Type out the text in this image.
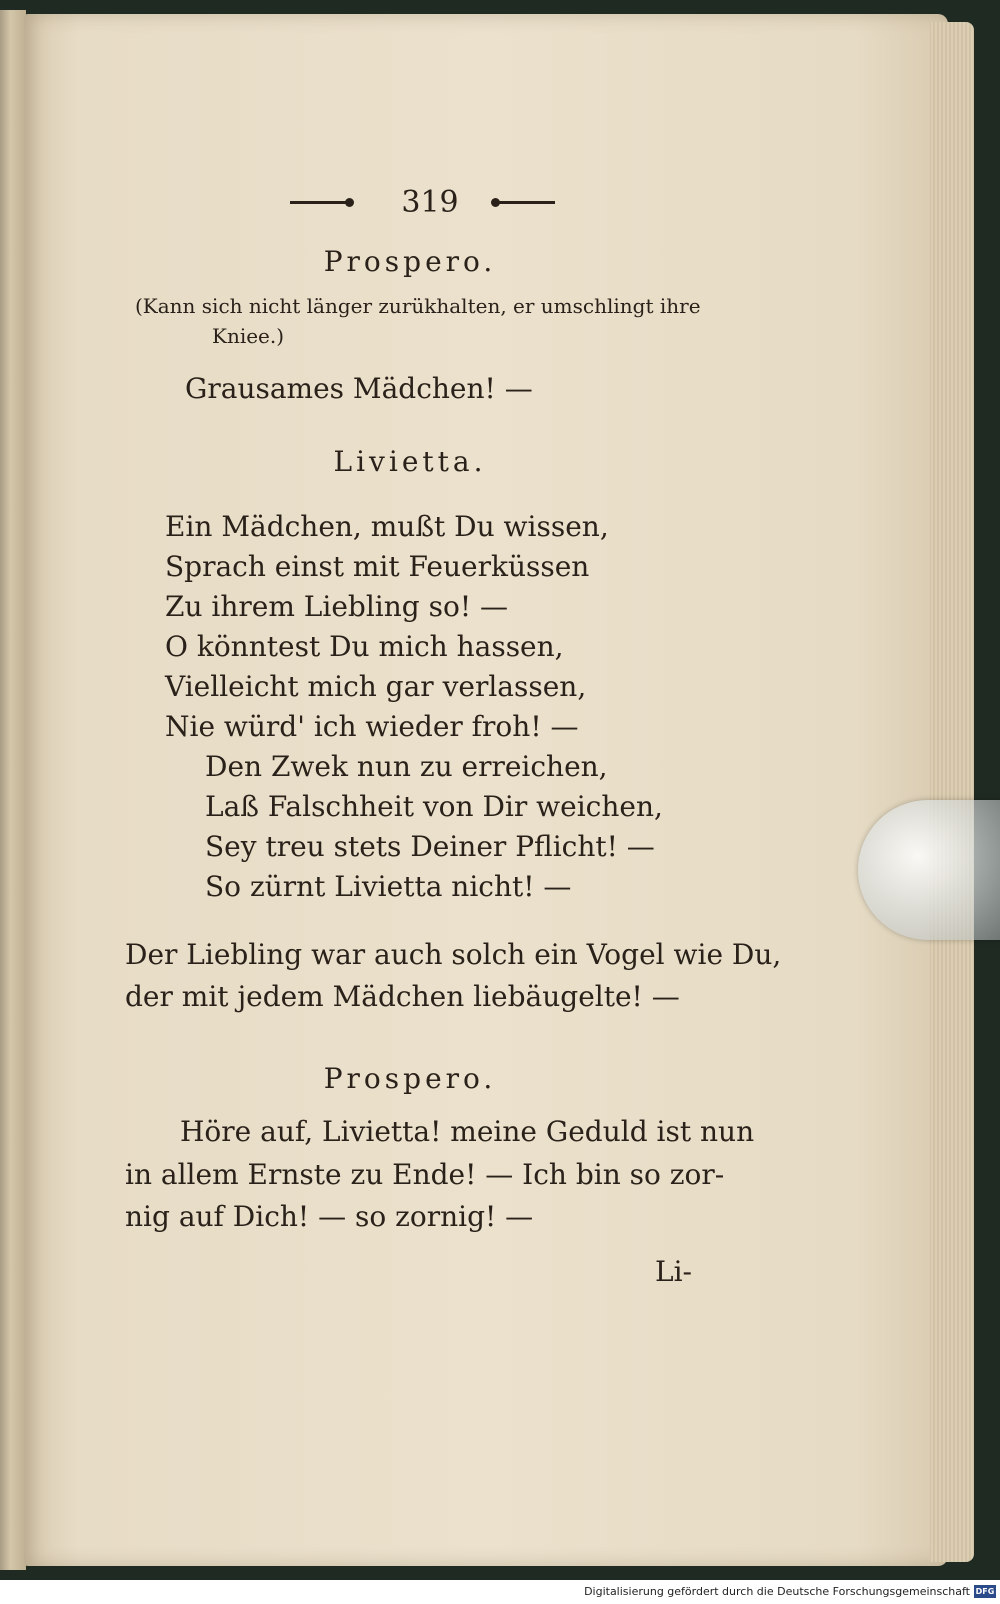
319
Prospero.
(Kann sich nicht länger zurükhalten, er umschlingt ihre
Kniee.)
Grausames Mädchen! —
Livietta.
Ein Mädchen, mußt Du wissen,
Sprach einst mit Feuerküssen
Zu ihrem Liebling so! —
O könntest Du mich hassen,
Vielleicht mich gar verlassen,
Nie würd' ich wieder froh! —
Den Zwek nun zu erreichen,
Laß Falschheit von Dir weichen,
Sey treu stets Deiner Pflicht! —
So zürnt Livietta nicht! —
Der Liebling war auch solch ein Vogel wie Du,
der mit jedem Mädchen liebäugelte! —
Prospero.
Höre auf, Livietta! meine Geduld ist nun
in allem Ernste zu Ende! — Ich bin so zor-
nig auf Dich! — so zornig! —
Li-
Digitalisierung gefördert durch die Deutsche Forschungsgemeinschaft DFG
